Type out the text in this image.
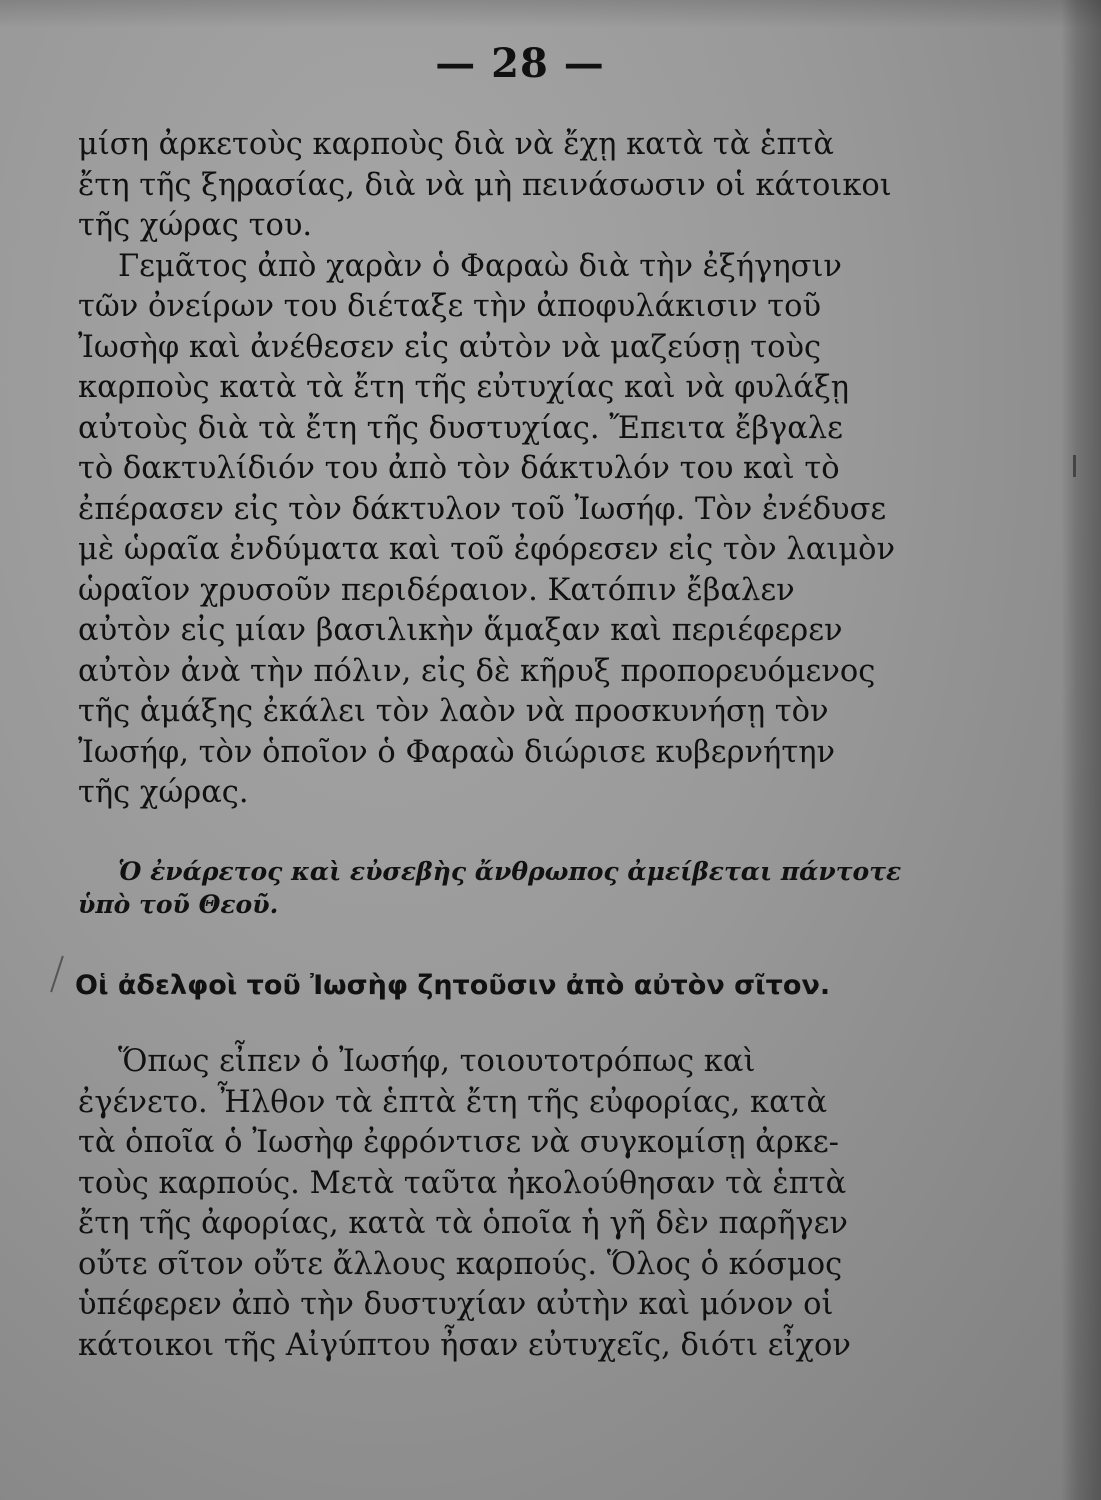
— 28 —
μίση ἀρκετοὺς καρποὺς διὰ νὰ ἔχῃ κατὰ τὰ ἑπτὰ
ἔτη τῆς ξηρασίας, διὰ νὰ μὴ πεινάσωσιν οἱ κάτοικοι
τῆς χώρας του.
Γεμᾶτος ἀπὸ χαρὰν ὁ Φαραὼ διὰ τὴν ἐξήγησιν
τῶν ὀνείρων του διέταξε τὴν ἀποφυλάκισιν τοῦ
Ἰωσὴφ καὶ ἀνέθεσεν εἰς αὐτὸν νὰ μαζεύσῃ τοὺς
καρποὺς κατὰ τὰ ἔτη τῆς εὐτυχίας καὶ νὰ φυλάξῃ
αὐτοὺς διὰ τὰ ἔτη τῆς δυστυχίας. Ἔπειτα ἔβγαλε
τὸ δακτυλίδιόν του ἀπὸ τὸν δάκτυλόν του καὶ τὸ
ἐπέρασεν εἰς τὸν δάκτυλον τοῦ Ἰωσήφ. Τὸν ἐνέδυσε
μὲ ὡραῖα ἐνδύματα καὶ τοῦ ἐφόρεσεν εἰς τὸν λαιμὸν
ὡραῖον χρυσοῦν περιδέραιον. Κατόπιν ἔβαλεν
αὐτὸν εἰς μίαν βασιλικὴν ἅμαξαν καὶ περιέφερεν
αὐτὸν ἀνὰ τὴν πόλιν, εἰς δὲ κῆρυξ προπορευόμενος
τῆς ἁμάξης ἐκάλει τὸν λαὸν νὰ προσκυνήσῃ τὸν
Ἰωσήφ, τὸν ὁποῖον ὁ Φαραὼ διώρισε κυβερνήτην
τῆς χώρας.
Ὁ ἐνάρετος καὶ εὐσεβὴς ἄνθρωπος ἀμείβεται πάντοτε
ὑπὸ τοῦ Θεοῦ.
Οἱ ἀδελφοὶ τοῦ Ἰωσὴφ ζητοῦσιν ἀπὸ αὐτὸν σῖτον.
Ὅπως εἶπεν ὁ Ἰωσήφ, τοιουτοτρόπως καὶ
ἐγένετο. Ἦλθον τὰ ἑπτὰ ἔτη τῆς εὐφορίας, κατὰ
τὰ ὁποῖα ὁ Ἰωσὴφ ἐφρόντισε νὰ συγκομίσῃ ἀρκε-
τοὺς καρπούς. Μετὰ ταῦτα ἠκολούθησαν τὰ ἑπτὰ
ἔτη τῆς ἀφορίας, κατὰ τὰ ὁποῖα ἡ γῆ δὲν παρῆγεν
οὔτε σῖτον οὔτε ἄλλους καρπούς. Ὅλος ὁ κόσμος
ὑπέφερεν ἀπὸ τὴν δυστυχίαν αὐτὴν καὶ μόνον οἱ
κάτοικοι τῆς Αἰγύπτου ἦσαν εὐτυχεῖς, διότι εἶχον
